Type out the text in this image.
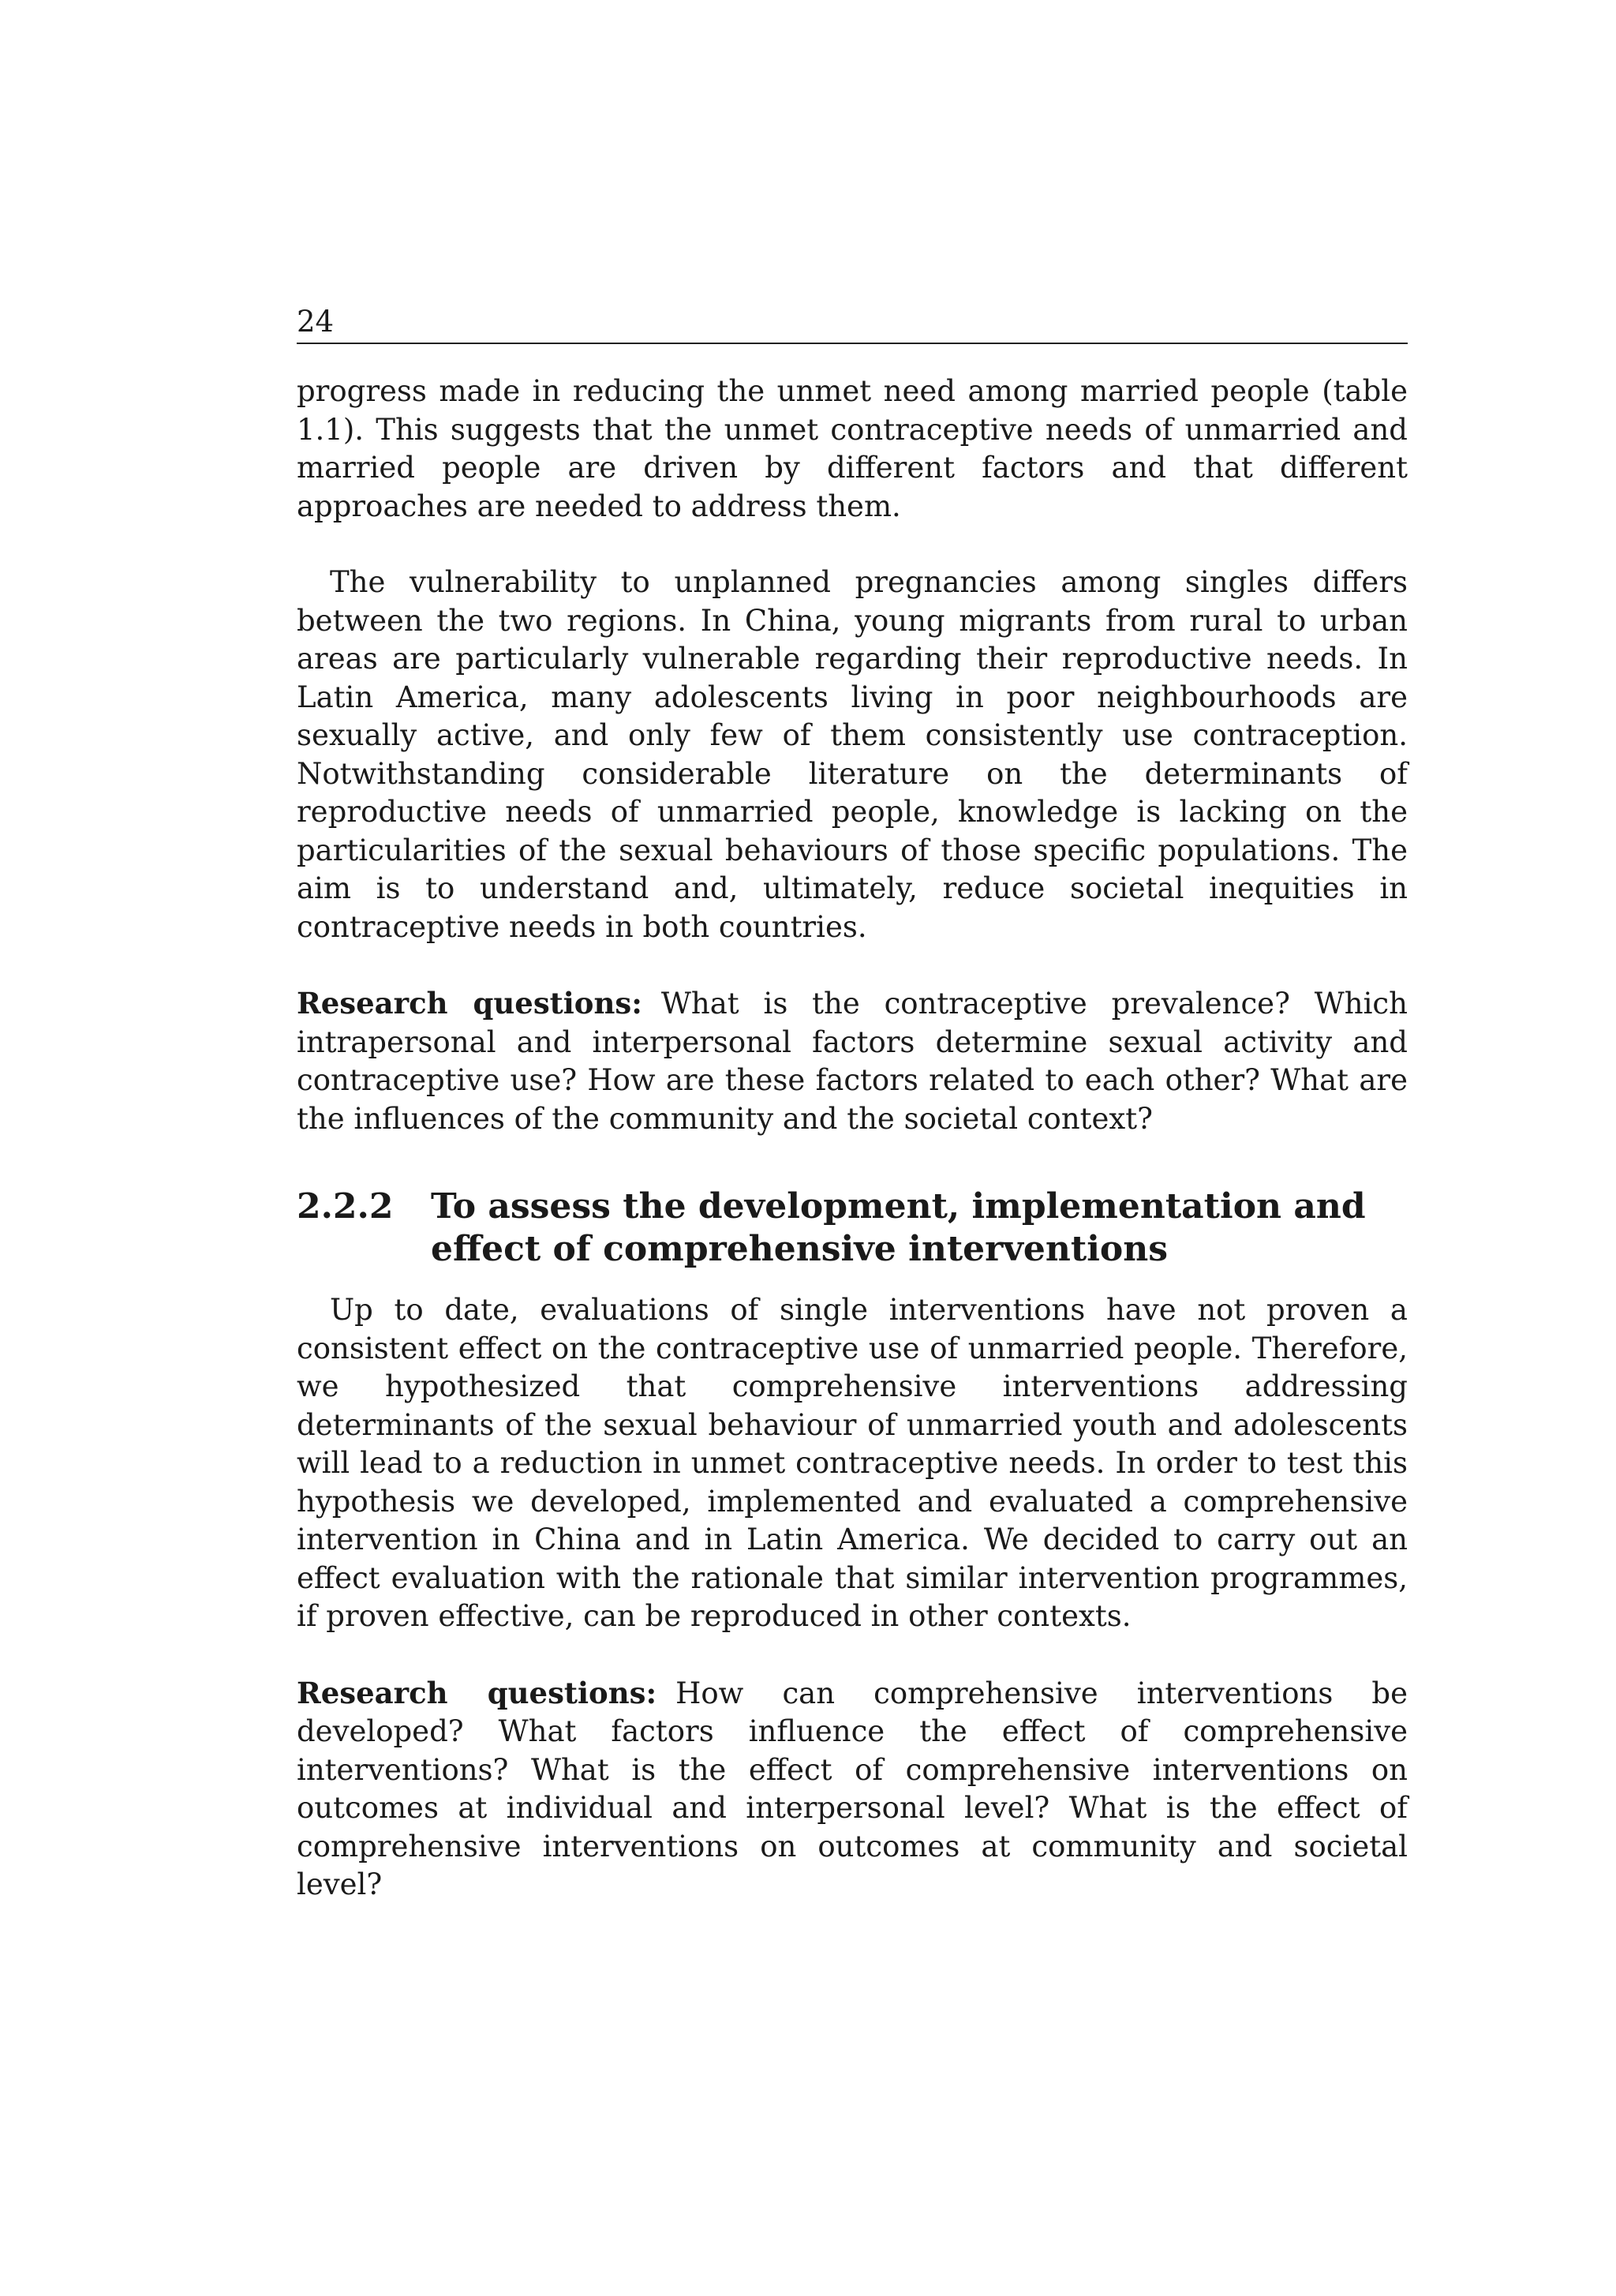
24

progress made in reducing the unmet need among married people (table 1.1). This suggests that the unmet contraceptive needs of unmarried and married people are driven by different factors and that different approaches are needed to address them.

The vulnerability to unplanned pregnancies among singles differs between the two regions. In China, young migrants from rural to urban areas are particularly vulnerable regarding their reproductive needs. In Latin America, many adolescents living in poor neighbourhoods are sexually active, and only few of them consistently use contraception. Notwithstanding considerable literature on the determinants of reproductive needs of unmarried people, knowledge is lacking on the particularities of the sexual behaviours of those specific populations. The aim is to understand and, ultimately, reduce societal inequities in contraceptive needs in both countries.

Research questions: What is the contraceptive prevalence? Which intrapersonal and interpersonal factors determine sexual activity and contraceptive use? How are these factors related to each other? What are the influences of the community and the societal context?

2.2.2	To assess the development, implementation and effect of comprehensive interventions

Up to date, evaluations of single interventions have not proven a consistent effect on the contraceptive use of unmarried people. Therefore, we hypothesized that comprehensive interventions addressing determinants of the sexual behaviour of unmarried youth and adolescents will lead to a reduction in unmet contraceptive needs. In order to test this hypothesis we developed, implemented and evaluated a comprehensive intervention in China and in Latin America. We decided to carry out an effect evaluation with the rationale that similar intervention programmes, if proven effective, can be reproduced in other contexts.

Research questions: How can comprehensive interventions be developed? What factors influence the effect of comprehensive interventions? What is the effect of comprehensive interventions on outcomes at individual and interpersonal level? What is the effect of comprehensive interventions on outcomes at community and societal level?
